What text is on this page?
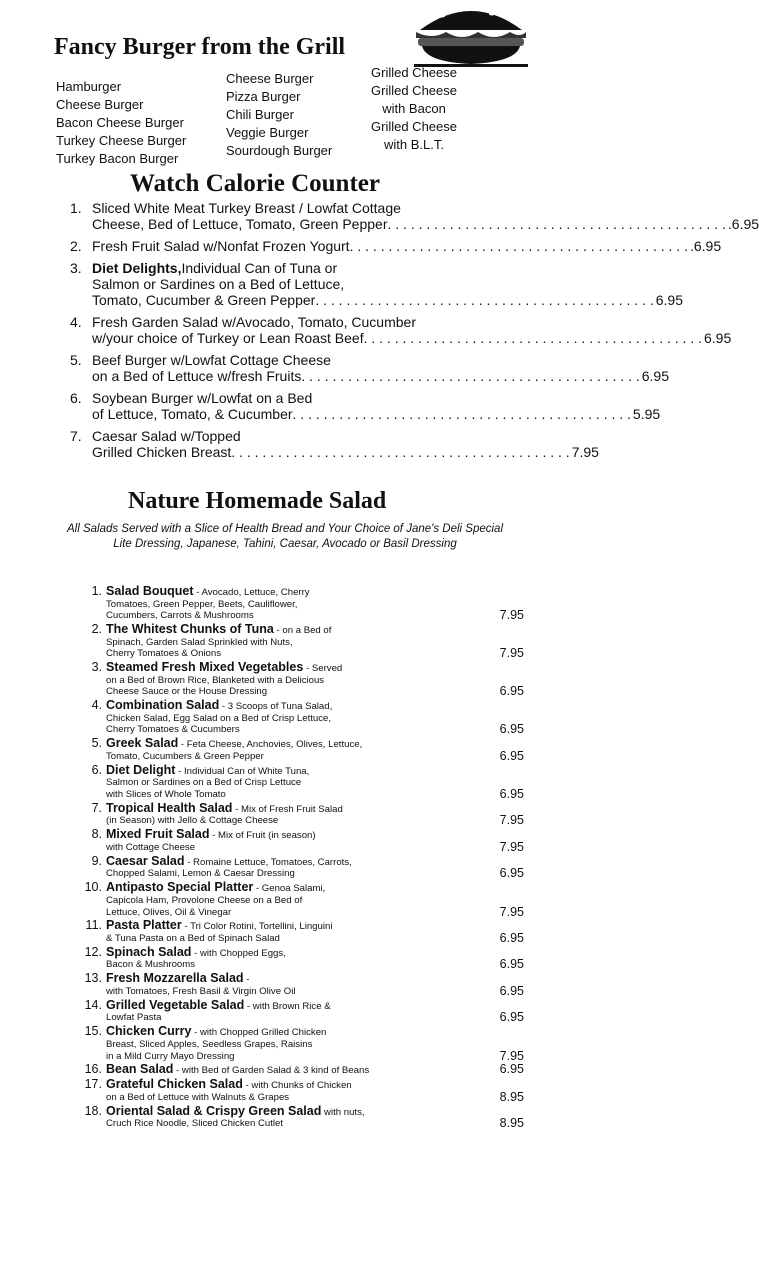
Fancy Burger from the Grill
Hamburger
Cheese Burger
Bacon Cheese Burger
Turkey Cheese Burger
Turkey Bacon Burger
Cheese Burger
Pizza Burger
Chili Burger
Veggie Burger
Sourdough Burger
Grilled Cheese
Grilled Cheese
with Bacon
Grilled Cheese
with B.L.T.
Watch Calorie Counter
1. Sliced White Meat Turkey Breast / Lowfat Cottage
Cheese, Bed of Lettuce, Tomato, Green Pepper . . .	.6.95
2. Fresh Fruit Salad w/Nonfat Frozen Yogurt . . .	.6.95
3. Diet Delights, Individual Can of Tuna or
Salmon or Sardines on a Bed of Lettuce,
Tomato, Cucumber & Green Pepper . . .	6.95
4. Fresh Garden Salad w/Avocado, Tomato, Cucumber
w/your choice of Turkey or Lean Roast Beef . . .	6.95
5. Beef Burger w/Lowfat Cottage Cheese
on a Bed of Lettuce w/fresh Fruits . . .	6.95
6. Soybean Burger w/Lowfat on a Bed
of Lettuce, Tomato, & Cucumber . . .	5.95
7. Caesar Salad w/Topped
Grilled Chicken Breast . . .	7.95
Nature Homemade Salad
All Salads Served with a Slice of Health Bread and Your Choice of Jane's Deli Special Lite Dressing, Japanese, Tahini, Caesar, Avocado or Basil Dressing
1. Salad Bouquet - Avocado, Lettuce, Cherry
Tomatoes, Green Pepper, Beets, Cauliflower,
Cucumbers, Carrots & Mushrooms	7.95
2. The Whitest Chunks of Tuna - on a Bed of
Spinach, Garden Salad Sprinkled with Nuts,
Cherry Tomatoes & Onions	7.95
3. Steamed Fresh Mixed Vegetables - Served
on a Bed of Brown Rice, Blanketed with a Delicious
Cheese Sauce or the House Dressing	6.95
4. Combination Salad - 3 Scoops of Tuna Salad,
Chicken Salad, Egg Salad on a Bed of Crisp Lettuce,
Cherry Tomatoes & Cucumbers	6.95
5. Greek Salad - Feta Cheese, Anchovies, Olives, Lettuce,
Tomato, Cucumbers & Green Pepper	6.95
6. Diet Delight - Individual Can of White Tuna,
Salmon or Sardines on a Bed of Crisp Lettuce
with Slices of Whole Tomato	6.95
7. Tropical Health Salad - Mix of Fresh Fruit Salad
(in Season) with Jello & Cottage Cheese	7.95
8. Mixed Fruit Salad - Mix of Fruit (in season)
with Cottage Cheese	7.95
9. Caesar Salad - Romaine Lettuce, Tomatoes, Carrots,
Chopped Salami, Lemon & Caesar Dressing	6.95
10. Antipasto Special Platter - Genoa Salami,
Capicola Ham, Provolone Cheese on a Bed of
Lettuce, Olives, Oil & Vinegar	7.95
11. Pasta Platter - Tri Color Rotini, Tortellini, Linguini
& Tuna Pasta on a Bed of Spinach Salad	6.95
12. Spinach Salad - with Chopped Eggs,
Bacon & Mushrooms	6.95
13. Fresh Mozzarella Salad -
with Tomatoes, Fresh Basil & Virgin Olive Oil	6.95
14. Grilled Vegetable Salad - with Brown Rice &
Lowfat Pasta	6.95
15. Chicken Curry - with Chopped Grilled Chicken
Breast, Sliced Apples, Seedless Grapes, Raisins
in a Mild Curry Mayo Dressing	7.95
16. Bean Salad - with Bed of Garden Salad & 3 kind of Beans	6.95
17. Grateful Chicken Salad - with Chunks of Chicken
on a Bed of Lettuce with Walnuts & Grapes	8.95
18. Oriental Salad & Crispy Green Salad with nuts,
Cruch Rice Noodle, Sliced Chicken Cutlet	8.95
